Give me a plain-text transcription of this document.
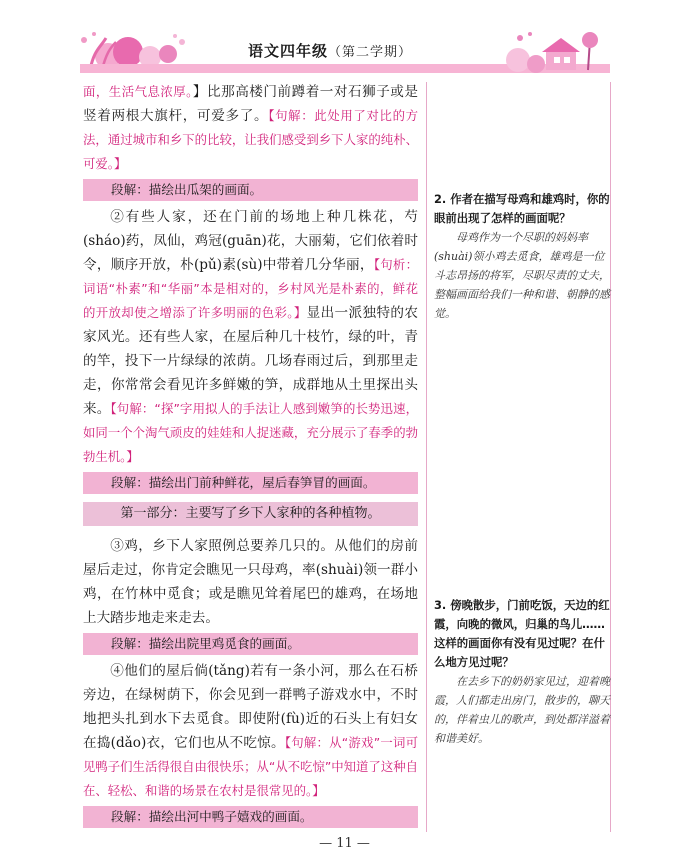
语文四年级（第二学期）

面，生活气息浓厚。】比那高楼门前蹲着一对石狮子或是竖着两根大旗杆，可爱多了。【句解：此处用了对比的方法，通过城市和乡下的比较，让我们感受到乡下人家的纯朴、可爱。】

段解：描绘出瓜架的画面。

②有些人家，还在门前的场地上种几株花，芍(sháo)药，凤仙，鸡冠(guān)花，大丽菊，它们依着时令，顺序开放，朴(pǔ)素(sù)中带着几分华丽，【句析：词语“朴素”和“华丽”本是相对的，乡村风光是朴素的，鲜花的开放却使之增添了许多明丽的色彩。】显出一派独特的农家风光。还有些人家，在屋后种几十枝竹，绿的叶，青的竿，投下一片绿绿的浓荫。几场春雨过后，到那里走走，你常常会看见许多鲜嫩的笋，成群地从土里探出头来。【句解：“探”字用拟人的手法让人感到嫩笋的长势迅速，如同一个个淘气顽皮的娃娃和人捉迷藏，充分展示了春季的勃勃生机。】

段解：描绘出门前种鲜花，屋后春笋冒的画面。
第一部分：主要写了乡下人家种的各种植物。

③鸡，乡下人家照例总要养几只的。从他们的房前屋后走过，你肯定会瞧见一只母鸡，率(shuài)领一群小鸡，在竹林中觅食；或是瞧见耸着尾巴的雄鸡，在场地上大踏步地走来走去。

段解：描绘出院里鸡觅食的画面。

④他们的屋后倘(tǎng)若有一条小河，那么在石桥旁边，在绿树荫下，你会见到一群鸭子游戏水中，不时地把头扎到水下去觅食。即使附(fù)近的石头上有妇女在捣(dǎo)衣，它们也从不吃惊。【句解：从“游戏”一词可见鸭子们生活得很自由很快乐；从“从不吃惊”中知道了这种自在、轻松、和谐的场景在农村是很常见的。】

段解：描绘出河中鸭子嬉戏的画面。
2. 作者在描写母鸡和雄鸡时，你的眼前出现了怎样的画面呢？
母鸡作为一个尽职的妈妈率(shuài)领小鸡去觅食，雄鸡是一位斗志昂扬的将军，尽职尽责的丈夫，整幅画面给我们一种和谐、朝静的感觉。
3. 傍晚散步，门前吃饭，天边的红霞，向晚的微风，归巢的鸟儿……这样的画面你有没有见过呢？在什么地方见过呢？
在去乡下的奶奶家见过，迎着晚霞，人们都走出房门，散步的，聊天的，伴着虫儿的歌声，到处都洋溢着和谐美好。
— 11 —
